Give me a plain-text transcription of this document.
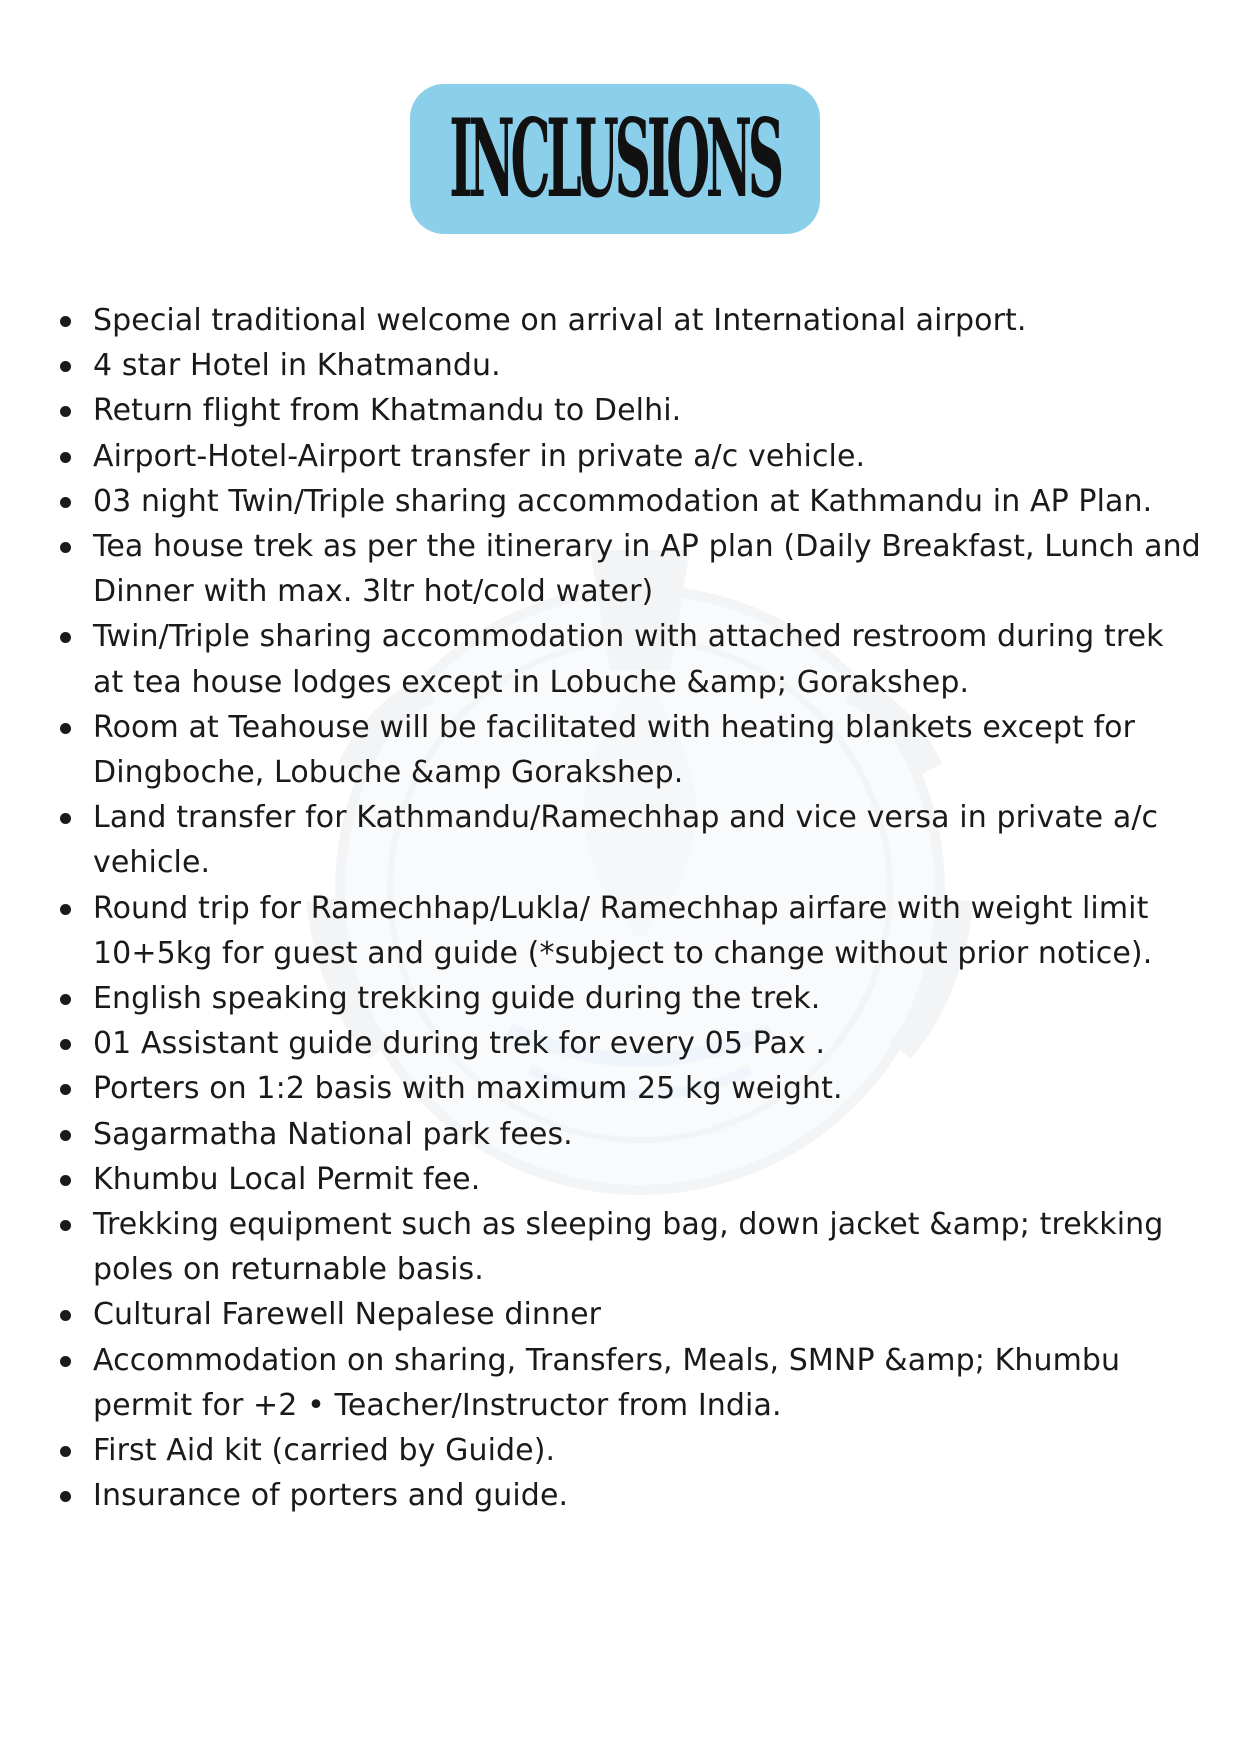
INCLUSIONS
Special traditional welcome on arrival at International airport.
4 star Hotel in Khatmandu.
Return flight from Khatmandu to Delhi.
Airport-Hotel-Airport transfer in private a/c vehicle.
03 night Twin/Triple sharing accommodation at Kathmandu in AP Plan.
Tea house trek as per the itinerary in AP plan (Daily Breakfast, Lunch and Dinner with max. 3ltr hot/cold water)
Twin/Triple sharing accommodation with attached restroom during trek at tea house lodges except in Lobuche &amp; Gorakshep.
Room at Teahouse will be facilitated with heating blankets except for Dingboche, Lobuche &amp Gorakshep.
Land transfer for Kathmandu/Ramechhap and vice versa in private a/c vehicle.
Round trip for Ramechhap/Lukla/ Ramechhap airfare with weight limit 10+5kg for guest and guide (*subject to change without prior notice).
English speaking trekking guide during the trek.
01 Assistant guide during trek for every 05 Pax .
Porters on 1:2 basis with maximum 25 kg weight.
Sagarmatha National park fees.
Khumbu Local Permit fee.
Trekking equipment such as sleeping bag, down jacket &amp; trekking poles on returnable basis.
Cultural Farewell Nepalese dinner
Accommodation on sharing, Transfers, Meals, SMNP &amp; Khumbu permit for +2 • Teacher/Instructor from India.
First Aid kit (carried by Guide).
Insurance of porters and guide.
